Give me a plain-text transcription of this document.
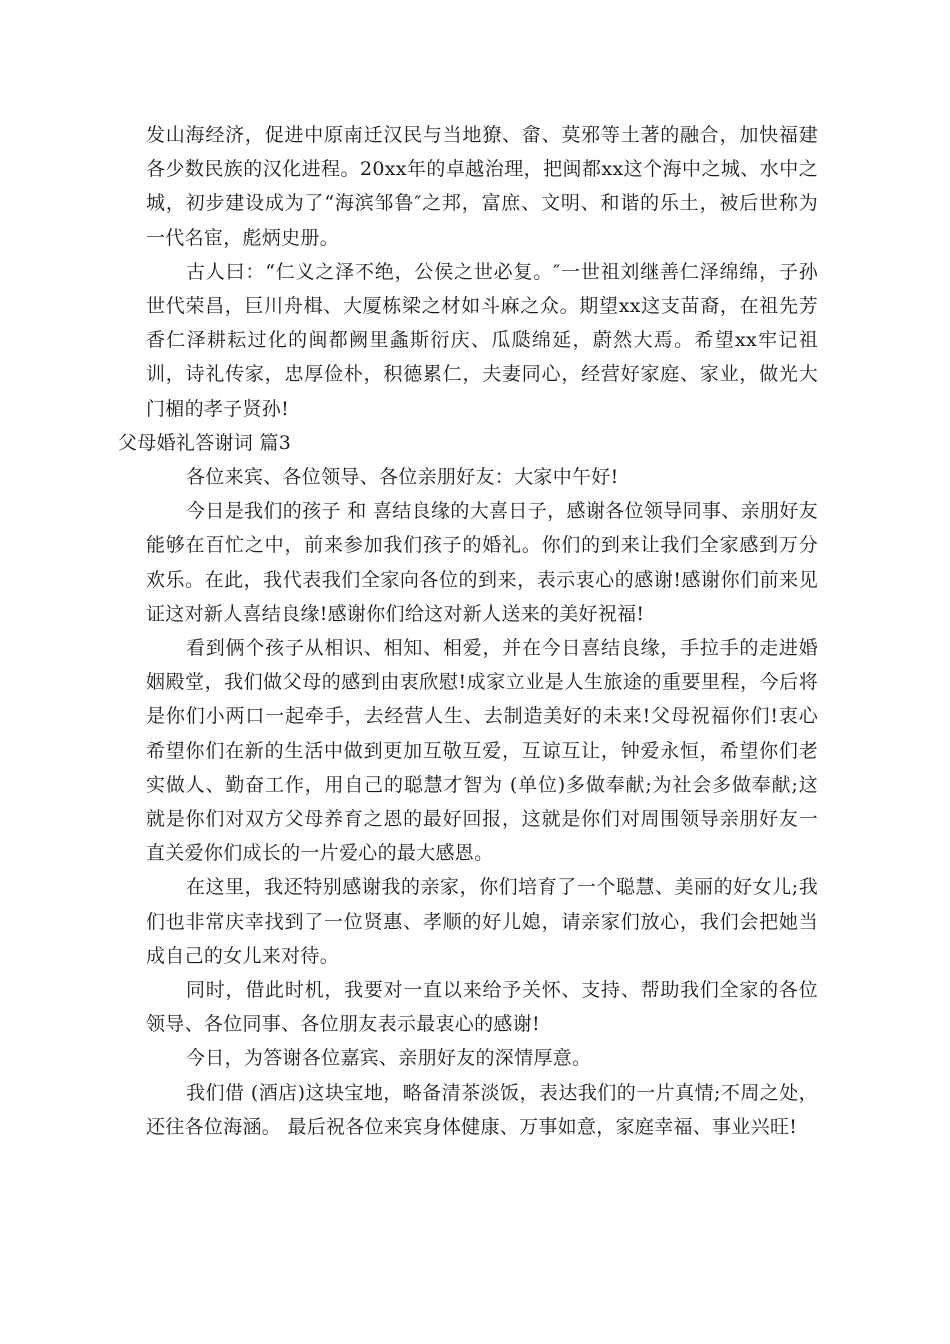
发山海经济，促进中原南迁汉民与当地獠、畲、莫邪等土著的融合，加快福建各少数民族的汉化进程。20xx年的卓越治理，把闽都xx这个海中之城、水中之城，初步建设成为了“海滨邹鲁″之邦，富庶、文明、和谐的乐土，被后世称为一代名宦，彪炳史册。

古人曰：“仁义之泽不绝，公侯之世必复。″一世祖刘继善仁泽绵绵，子孙世代荣昌，巨川舟楫、大厦栋梁之材如斗麻之众。期望xx这支苗裔，在祖先芳香仁泽耕耘过化的闽都阙里螽斯衍庆、瓜瓞绵延，蔚然大焉。希望xx牢记祖训，诗礼传家，忠厚俭朴，积德累仁，夫妻同心，经营好家庭、家业，做光大门楣的孝子贤孙!

父母婚礼答谢词 篇3

各位来宾、各位领导、各位亲朋好友：大家中午好!

今日是我们的孩子 和 喜结良缘的大喜日子，感谢各位领导同事、亲朋好友能够在百忙之中，前来参加我们孩子的婚礼。你们的到来让我们全家感到万分欢乐。在此，我代表我们全家向各位的到来，表示衷心的感谢!感谢你们前来见证这对新人喜结良缘!感谢你们给这对新人送来的美好祝福!

看到俩个孩子从相识、相知、相爱，并在今日喜结良缘，手拉手的走进婚姻殿堂，我们做父母的感到由衷欣慰!成家立业是人生旅途的重要里程，今后将是你们小两口一起牵手，去经营人生、去制造美好的未来!父母祝福你们!衷心希望你们在新的生活中做到更加互敬互爱，互谅互让，钟爱永恒，希望你们老实做人、勤奋工作，用自己的聪慧才智为 (单位)多做奉献;为社会多做奉献;这就是你们对双方父母养育之恩的最好回报，这就是你们对周围领导亲朋好友一直关爱你们成长的一片爱心的最大感恩。

在这里，我还特别感谢我的亲家，你们培育了一个聪慧、美丽的好女儿;我们也非常庆幸找到了一位贤惠、孝顺的好儿媳，请亲家们放心，我们会把她当成自己的女儿来对待。

同时，借此时机，我要对一直以来给予关怀、支持、帮助我们全家的各位领导、各位同事、各位朋友表示最衷心的感谢!

今日，为答谢各位嘉宾、亲朋好友的深情厚意。

我们借 (酒店)这块宝地，略备清茶淡饭，表达我们的一片真情;不周之处，还往各位海涵。 最后祝各位来宾身体健康、万事如意，家庭幸福、事业兴旺!
